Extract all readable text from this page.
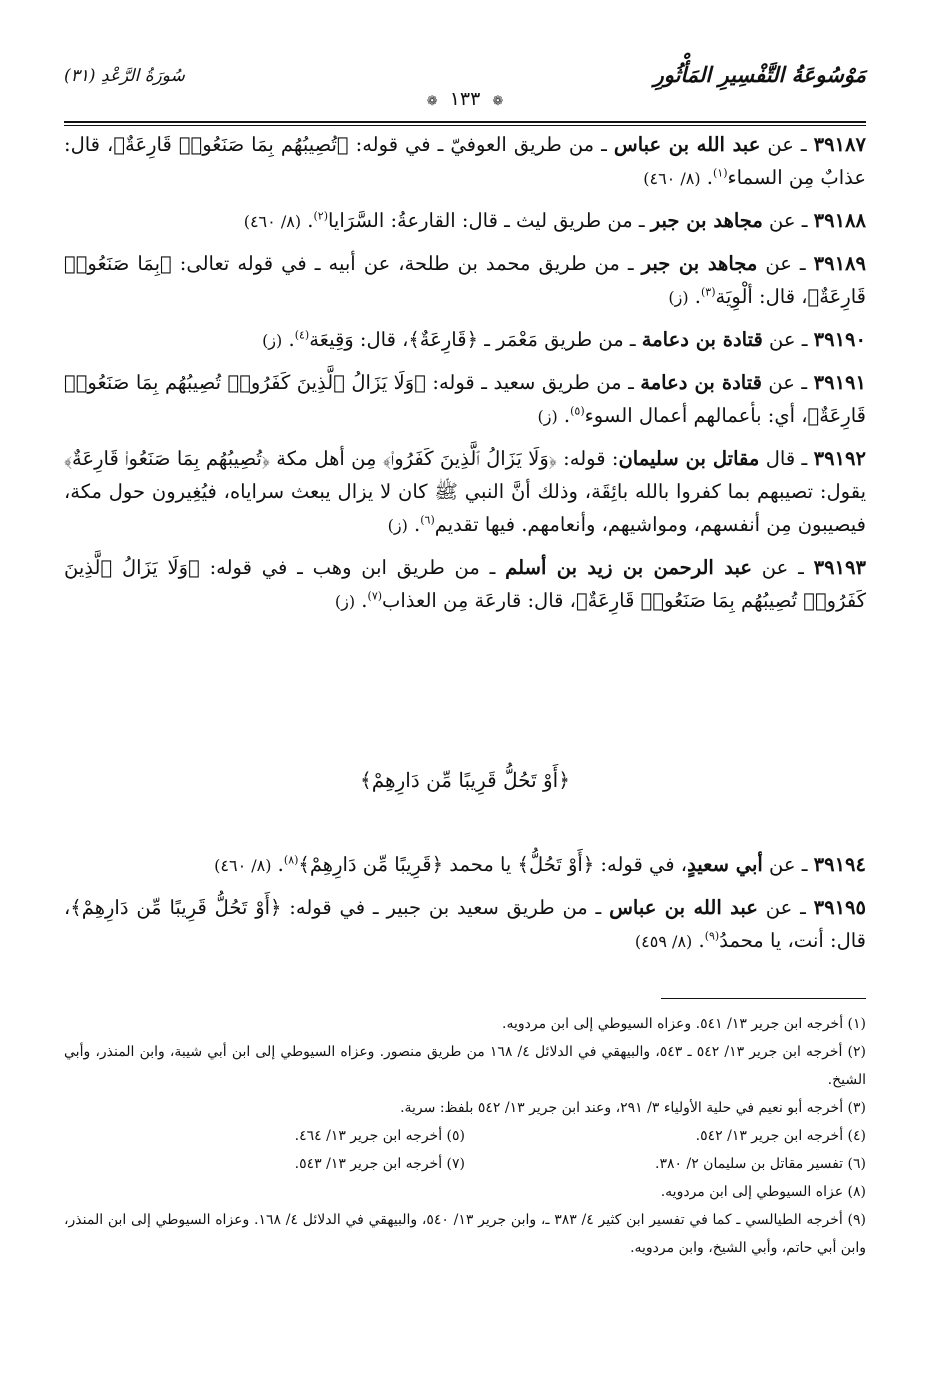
مَوْسُوعَةُ التَّفْسِيرِ المَأْثُورِ
سُورَةُ الرَّعْدِ (٣١)
❁ ١٣٣ ❁

٣٩١٨٧ ـ عن عبد الله بن عباس ـ من طريق العوفيّ ـ في قوله: ﴿تُصِيبُهُم بِمَا صَنَعُوا۟ قَارِعَةٌ﴾، قال: عذابٌ مِن السماء$^{(١)}$. (٨/ ٤٦٠)

٣٩١٨٨ ـ عن مجاهد بن جبر ـ من طريق ليث ـ قال: القارعةُ: السَّرَايا$^{(٢)}$. (٨/ ٤٦٠)

٣٩١٨٩ ـ عن مجاهد بن جبر ـ من طريق محمد بن طلحة، عن أبيه ـ في قوله تعالى: ﴿بِمَا صَنَعُوا۟ قَارِعَةٌ﴾، قال: ألْوِيَة$^{(٣)}$. (ز)

٣٩١٩٠ ـ عن قتادة بن دعامة ـ من طريق مَعْمَر ـ ﴿قَارِعَةٌ﴾، قال: وَقِيعَة$^{(٤)}$. (ز)

٣٩١٩١ ـ عن قتادة بن دعامة ـ من طريق سعيد ـ قوله: ﴿وَلَا يَزَالُ ٱلَّذِينَ كَفَرُوا۟ تُصِيبُهُم بِمَا صَنَعُوا۟ قَارِعَةٌ﴾، أي: بأعمالهم أعمال السوء$^{(٥)}$. (ز)

٣٩١٩٢ ـ قال مقاتل بن سليمان: قوله: ﴿وَلَا يَزَالُ ٱلَّذِينَ كَفَرُوا۟﴾ مِن أهل مكة ﴿تُصِيبُهُم بِمَا صَنَعُوا۟ قَارِعَةٌ﴾ يقول: تصيبهم بما كفروا بالله بائِقَة، وذلك أنَّ النبي ﷺ كان لا يزال يبعث سراياه، فيُغِيرون حول مكة، فيصيبون مِن أنفسهم، ومواشيهم، وأنعامهم. فيها تقديم$^{(٦)}$. (ز)

٣٩١٩٣ ـ عن عبد الرحمن بن زيد بن أسلم ـ من طريق ابن وهب ـ في قوله: ﴿وَلَا يَزَالُ ٱلَّذِينَ كَفَرُوا۟ تُصِيبُهُم بِمَا صَنَعُوا۟ قَارِعَةٌ﴾، قال: قارعَة مِن العذاب$^{(٧)}$. (ز)

﴿أَوْ تَحُلُّ قَرِيبًا مِّن دَارِهِمْ﴾

٣٩١٩٤ ـ عن أبي سعيدٍ، في قوله: ﴿أَوْ تَحُلُّ﴾ يا محمد ﴿قَرِيبًا مِّن دَارِهِمْ﴾$^{(٨)}$. (٨/ ٤٦٠)

٣٩١٩٥ ـ عن عبد الله بن عباس ـ من طريق سعيد بن جبير ـ في قوله: ﴿أَوْ تَحُلُّ قَرِيبًا مِّن دَارِهِمْ﴾، قال: أنت، يا محمدُ$^{(٩)}$. (٨/ ٤٥٩)

(١) أخرجه ابن جرير ١٣/ ٥٤١. وعزاه السيوطي إلى ابن مردويه.

(٢) أخرجه ابن جرير ١٣/ ٥٤٢ ـ ٥٤٣، والبيهقي في الدلائل ٤/ ١٦٨ من طريق منصور. وعزاه السيوطي إلى ابن أبي شيبة، وابن المنذر، وأبي الشيخ.

(٣) أخرجه أبو نعيم في حلية الأولياء ٣/ ٢٩١، وعند ابن جرير ١٣/ ٥٤٢ بلفظ: سرية.

(٤) أخرجه ابن جرير ١٣/ ٥٤٢.

(٥) أخرجه ابن جرير ١٣/ ٤٦٤.

(٦) تفسير مقاتل بن سليمان ٢/ ٣٨٠.

(٧) أخرجه ابن جرير ١٣/ ٥٤٣.

(٨) عزاه السيوطي إلى ابن مردويه.

(٩) أخرجه الطيالسي ـ كما في تفسير ابن كثير ٤/ ٣٨٣ ـ، وابن جرير ١٣/ ٥٤٠، والبيهقي في الدلائل ٤/ ١٦٨. وعزاه السيوطي إلى ابن المنذر، وابن أبي حاتم، وأبي الشيخ، وابن مردويه.
